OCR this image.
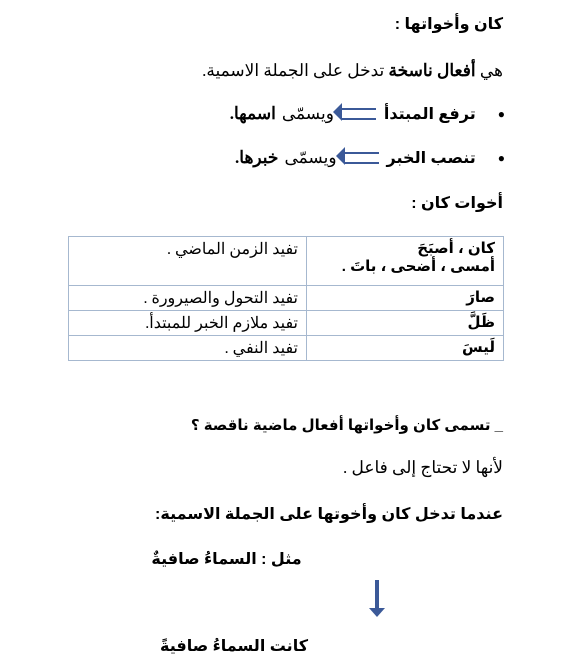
كان وأخواتها :
هي أفعال ناسخة تدخل على الجملة الاسمية.
●
ترفع المبتدأ
ويسمّى
اسمها.
●
تنصب الخبر
ويسمّى
خبرها.
أخوات كان :
كان ، أصبَحَ
أمسى ، أضحى ، باتَ .	تفيد الزمن الماضي .
صارَ	تفيد التحول والصيرورة .
ظَلَّ	تفيد ملازم الخبر للمبتدأ.
لَيسَ	تفيد النفي .
_ تسمى كان وأخواتها أفعال ماضية ناقصة ؟
لأنها لا تحتاج إلى فاعل .
عندما تدخل كان وأخوتها على الجملة الاسمية:
مثل : السماءُ صافيةٌ
كانت السماءُ صافيةً
